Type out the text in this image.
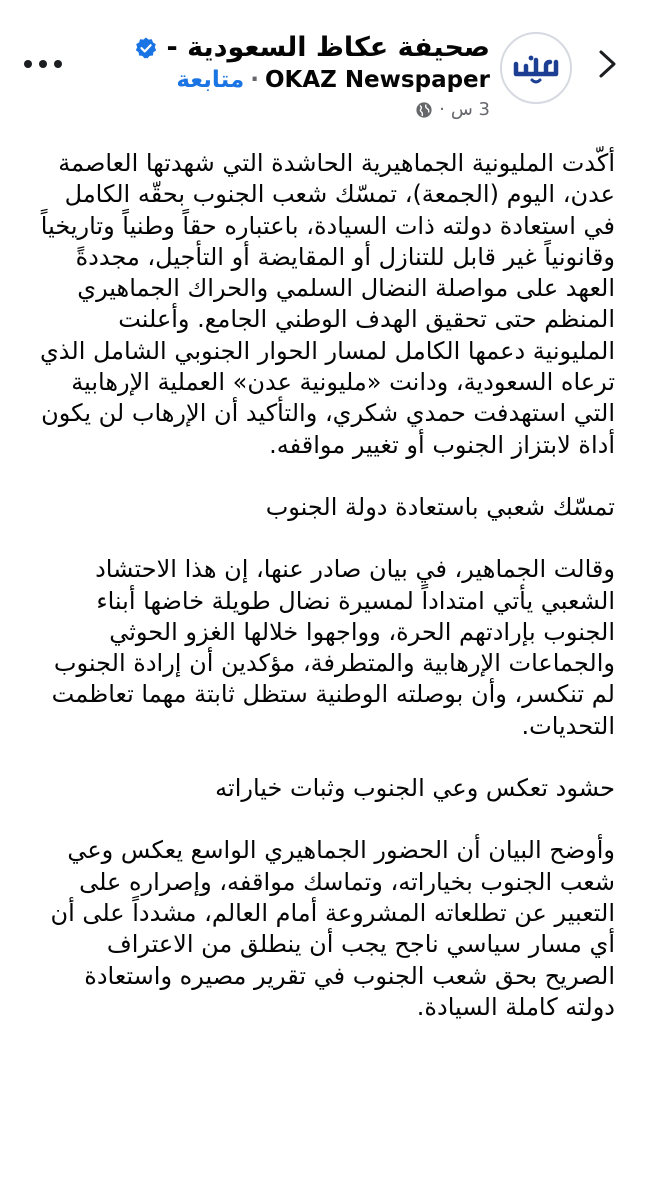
صحيفة عكاظ السعودية -
OKAZ Newspaper
·
متابعة
3 س
·

أكّدت المليونية الجماهيرية الحاشدة التي شهدتها العاصمة عدن، اليوم (الجمعة)، تمسّك شعب الجنوب بحقّه الكامل في استعادة دولته ذات السيادة، باعتباره حقاً وطنياً وتاريخياً وقانونياً غير قابل للتنازل أو المقايضة أو التأجيل، مجددةً العهد على مواصلة النضال السلمي والحراك الجماهيري المنظم حتى تحقيق الهدف الوطني الجامع. وأعلنت المليونية دعمها الكامل لمسار الحوار الجنوبي الشامل الذي ترعاه السعودية، ودانت «مليونية عدن» العملية الإرهابية التي استهدفت حمدي شكري، والتأكيد أن الإرهاب لن يكون أداة لابتزاز الجنوب أو تغيير مواقفه.

تمسّك شعبي باستعادة دولة الجنوب

وقالت الجماهير، في بيان صادر عنها، إن هذا الاحتشاد الشعبي يأتي امتداداً لمسيرة نضال طويلة خاضها أبناء الجنوب بإرادتهم الحرة، وواجهوا خلالها الغزو الحوثي والجماعات الإرهابية والمتطرفة، مؤكدين أن إرادة الجنوب لم تنكسر، وأن بوصلته الوطنية ستظل ثابتة مهما تعاظمت التحديات.

حشود تعكس وعي الجنوب وثبات خياراته

وأوضح البيان أن الحضور الجماهيري الواسع يعكس وعي شعب الجنوب بخياراته، وتماسك مواقفه، وإصراره على التعبير عن تطلعاته المشروعة أمام العالم، مشدداً على أن أي مسار سياسي ناجح يجب أن ينطلق من الاعتراف الصريح بحق شعب الجنوب في تقرير مصيره واستعادة دولته كاملة السيادة.
